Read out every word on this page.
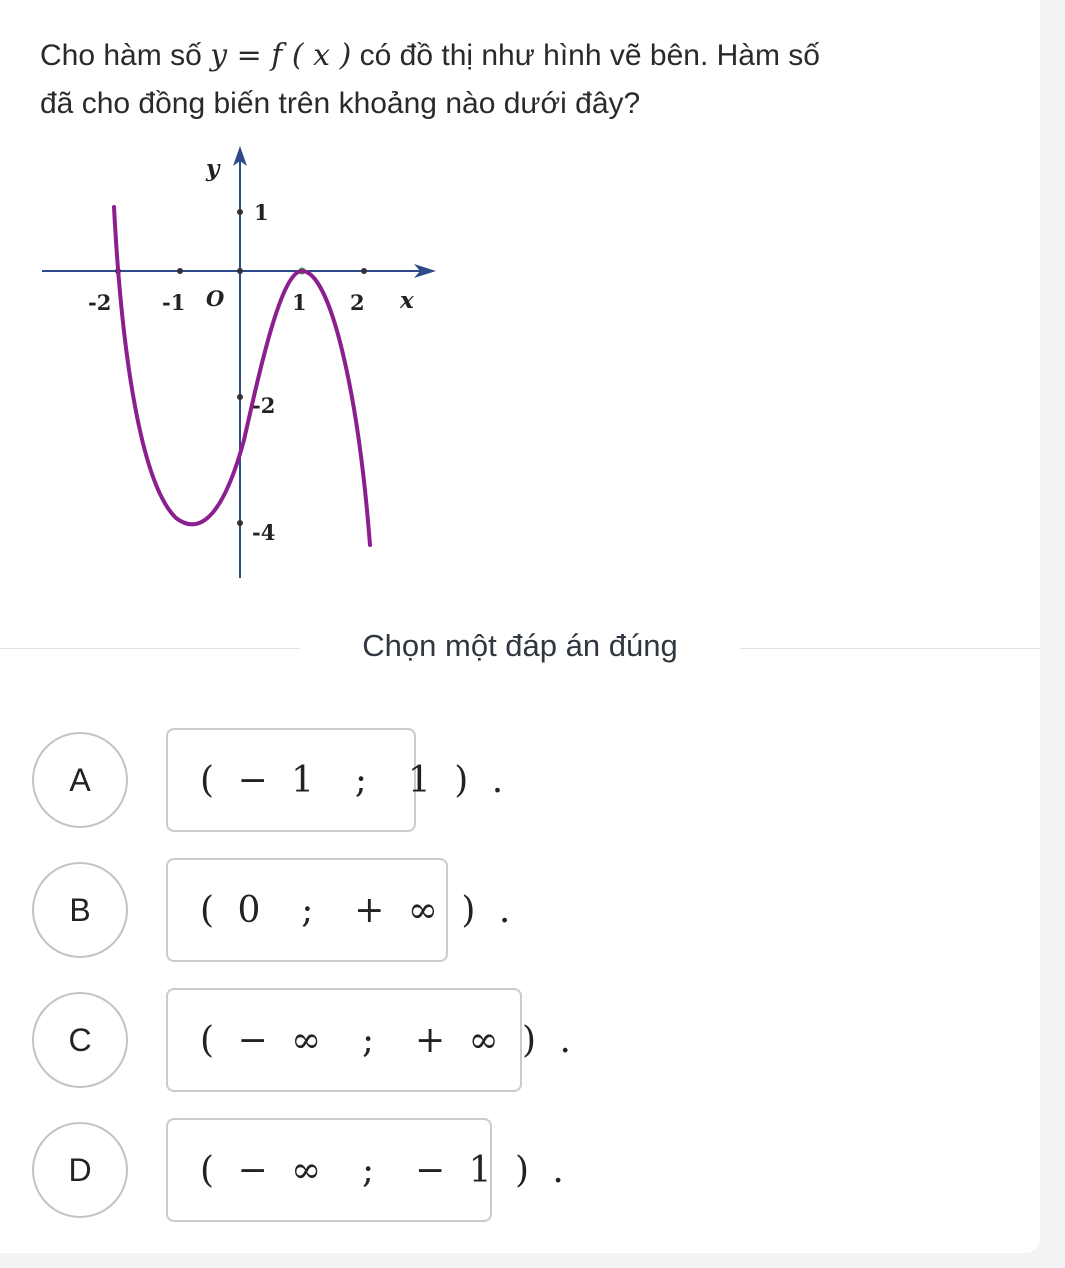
Cho hàm số y = f ( x ) có đồ thị như hình vẽ bên. Hàm số
đã cho đồng biến trên khoảng nào dưới đây?
-2 -1	1 2 x
O
y
1
-2
-4
Chọn một đáp án đúng
A	( − 1  ;  1 ) .
B	( 0  ;  + ∞ ) .
C	( − ∞  ;  + ∞ ) .
D	( − ∞  ;  − 1 ) .
